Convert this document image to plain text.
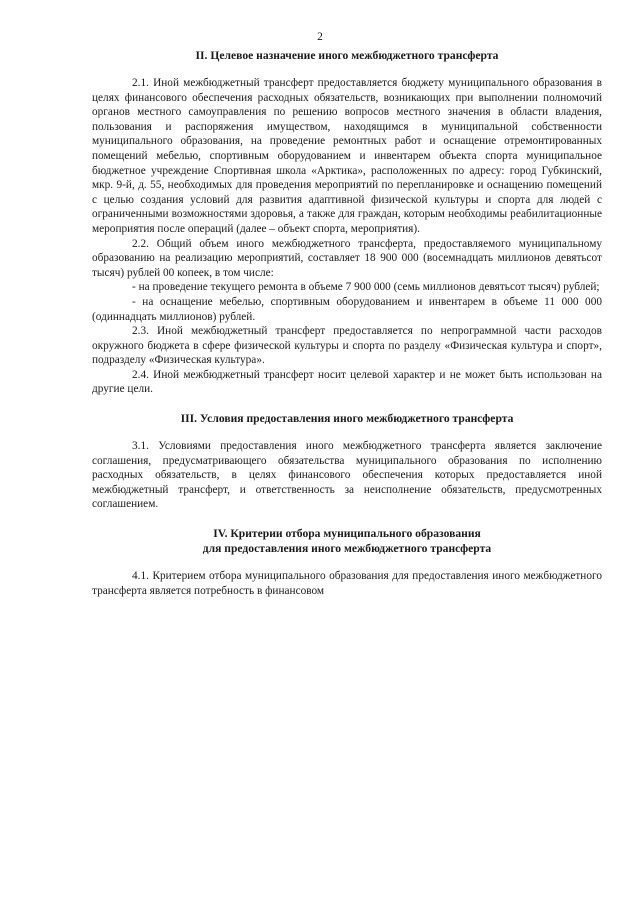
2

II. Целевое назначение иного межбюджетного трансферта

2.1. Иной межбюджетный трансферт предоставляется бюджету муниципального образования в целях финансового обеспечения расходных обязательств, возникающих при выполнении полномочий органов местного самоуправления по решению вопросов местного значения в области владения, пользования и распоряжения имуществом, находящимся в муниципальной собственности муниципального образования, на проведение ремонтных работ и оснащение отремонтированных помещений мебелью, спортивным оборудованием и инвентарем объекта спорта муниципальное бюджетное учреждение Спортивная школа «Арктика», расположенных по адресу: город Губкинский, мкр. 9-й, д. 55, необходимых для проведения мероприятий по перепланировке и оснащению помещений с целью создания условий для развития адаптивной физической культуры и спорта для людей с ограниченными возможностями здоровья, а также для граждан, которым необходимы реабилитационные мероприятия после операций (далее – объект спорта, мероприятия).

2.2. Общий объем иного межбюджетного трансферта, предоставляемого муниципальному образованию на реализацию мероприятий, составляет 18 900 000 (восемнадцать миллионов девятьсот тысяч) рублей 00 копеек, в том числе:

- на проведение текущего ремонта в объеме 7 900 000 (семь миллионов девятьсот тысяч) рублей;

- на оснащение мебелью, спортивным оборудованием и инвентарем в объеме 11 000 000 (одиннадцать миллионов) рублей.

2.3. Иной межбюджетный трансферт предоставляется по непрограммной части расходов окружного бюджета в сфере физической культуры и спорта по разделу «Физическая культура и спорт», подразделу «Физическая культура».

2.4. Иной межбюджетный трансферт носит целевой характер и не может быть использован на другие цели.

III. Условия предоставления иного межбюджетного трансферта

3.1. Условиями предоставления иного межбюджетного трансферта является заключение соглашения, предусматривающего обязательства муниципального образования по исполнению расходных обязательств, в целях финансового обеспечения которых предоставляется иной межбюджетный трансферт, и ответственность за неисполнение обязательств, предусмотренных соглашением.

IV. Критерии отбора муниципального образования
для предоставления иного межбюджетного трансферта

4.1. Критерием отбора муниципального образования для предоставления иного межбюджетного трансферта является потребность в финансовом
